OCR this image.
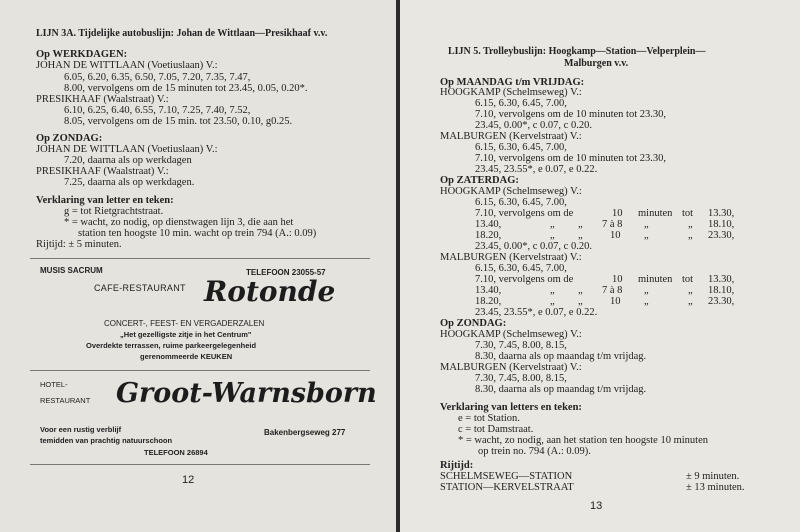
LIJN 3A. Tijdelijke autobuslijn: Johan de Wittlaan—Presikhaaf v.v.
Op WERKDAGEN:
JOHAN DE WITTLAAN (Voetiuslaan) V.:
6.05, 6.20, 6.35, 6.50, 7.05, 7.20, 7.35, 7.47,
8.00, vervolgens om de 15 minuten tot 23.45, 0.05, 0.20*.
PRESIKHAAF (Waalstraat) V.:
6.10, 6.25, 6.40, 6.55, 7.10, 7.25, 7.40, 7.52,
8.05, vervolgens om de 15 min. tot 23.50, 0.10, g0.25.
Op ZONDAG:
JOHAN DE WITTLAAN (Voetiuslaan) V.:
7.20, daarna als op werkdagen
PRESIKHAAF (Waalstraat) V.:
7.25, daarna als op werkdagen.
Verklaring van letter en teken:
g = tot Rietgrachtstraat.
* = wacht, zo nodig, op dienstwagen lijn 3, die aan het
station ten hoogste 10 min. wacht op trein 794 (A.: 0.09)
Rijtijd: ± 5 minuten.
MUSIS SACRUM	TELEFOON 23055-57
CAFE-RESTAURANT Rotonde
CONCERT-, FEEST- EN VERGADERZALEN
„Het gezelligste zitje in het Centrum"
Overdekte terrassen, ruime parkeergelegenheid
gerenommeerde KEUKEN
HOTEL-
RESTAURANT Groot-Warnsborn
Voor een rustig verblijf
temidden van prachtig natuurschoon
Bakenbergseweg 277
TELEFOON 26894
12
LIJN 5. Trolleybuslijn: Hoogkamp—Station—Velperplein—
Malburgen v.v.
Op MAANDAG t/m VRIJDAG:
HOOGKAMP (Schelmseweg) V.:
6.15, 6.30, 6.45, 7.00,
7.10, vervolgens om de 10 minuten tot 23.30,
23.45, 0.00*, c 0.07, c 0.20.
MALBURGEN (Kervelstraat) V.:
6.15, 6.30, 6.45, 7.00,
7.10, vervolgens om de 10 minuten tot 23.30,
23.45, 23.55*, e 0.07, e 0.22.
Op ZATERDAG:
HOOGKAMP (Schelmseweg) V.:
6.15, 6.30, 6.45, 7.00,
7.10, vervolgens om de	10 minuten tot 13.30,
13.40,	„ „ 7 à 8 „	„ 18.10,
18.20,	„ „	10 „	„ 23.30,
23.45, 0.00*, c 0.07, c 0.20.
MALBURGEN (Kervelstraat) V.:
6.15, 6.30, 6.45, 7.00,
7.10, vervolgens om de	10 minuten tot 13.30,
13.40,	„ „ 7 à 8 „	„ 18.10,
18.20,	„ „	10 „	„ 23.30,
23.45, 23.55*, e 0.07, e 0.22.
Op ZONDAG:
HOOGKAMP (Schelmseweg) V.:
7.30, 7.45, 8.00, 8.15,
8.30, daarna als op maandag t/m vrijdag.
MALBURGEN (Kervelstraat) V.:
7.30, 7.45, 8.00, 8.15,
8.30, daarna als op maandag t/m vrijdag.
Verklaring van letters en teken:
e = tot Station.
c = tot Damstraat.
* = wacht, zo nodig, aan het station ten hoogste 10 minuten
op trein no. 794 (A.: 0.09).
Rijtijd:
SCHELMSEWEG—STATION	± 9 minuten.
STATION—KERVELSTRAAT	± 13 minuten.
13
